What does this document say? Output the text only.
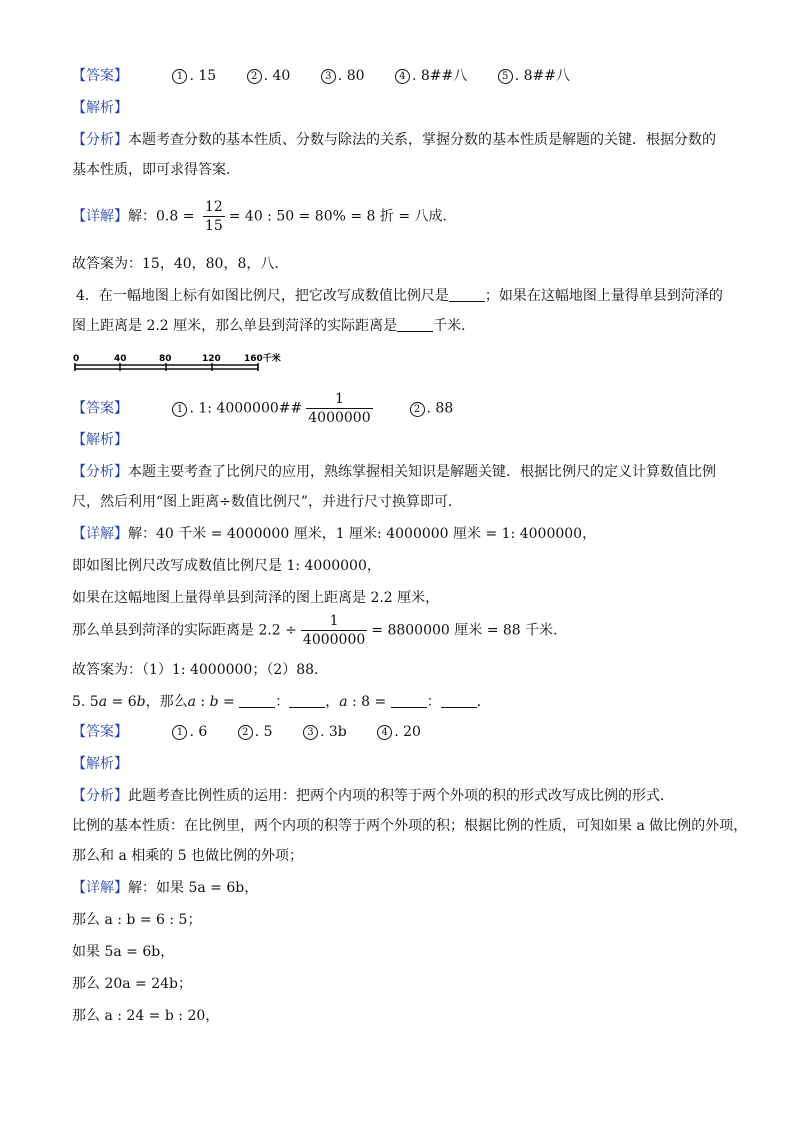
【答案】	1 . 15	2 . 40	3 . 80	4 . 8##八	5 . 8##八
【解析】
【分析】本题考查分数的基本性质、分数与除法的关系，掌握分数的基本性质是解题的关键．根据分数的
基本性质，即可求得答案．
【详解】解：$0.8 = \frac{12}{15} = 40$ : 50 = 80% = 8 折 = 八成．
故答案为：15，40，80，8，八．
4．在一幅地图上标有如图比例尺，把它改写成数值比例尺是	；如果在这幅地图上量得单县到菏泽的
图上距离是 2.2 厘米，那么单县到菏泽的实际距离是	千米．
0	40	80	120	160千米
【答案】	1 . 1: 4000000## $\frac{1}{4000000}$	2 . 88
【解析】
【分析】本题主要考查了比例尺的应用，熟练掌握相关知识是解题关键．根据比例尺的定义计算数值比例
尺，然后利用“图上距离÷数值比例尺”，并进行尺寸换算即可．
【详解】解：40 千米 = 4000000 厘米，1 厘米: 4000000 厘米 = 1: 4000000，
即如图比例尺改写成数值比例尺是 1: 4000000，
如果在这幅地图上量得单县到菏泽的图上距离是 2.2 厘米，
那么单县到菏泽的实际距离是 $2.2 \div \frac{1}{4000000} = 8800000$ 厘米 = 88 千米．
故答案为：（1）1: 4000000；（2）88．
5. 5a = 6b，那么a : b =	：	，a : 8 =	：	．
【答案】	1 . 6	2 . 5	3 . 3b	4 . 20
【解析】
【分析】此题考查比例性质的运用：把两个内项的积等于两个外项的积的形式改写成比例的形式．
比例的基本性质：在比例里，两个内项的积等于两个外项的积；根据比例的性质，可知如果 a 做比例的外项，
那么和 a 相乘的 5 也做比例的外项；
【详解】解：如果 5a = 6b，
那么 a : b = 6 : 5；
如果 5a = 6b，
那么 20a = 24b；
那么 a : 24 = b : 20，
